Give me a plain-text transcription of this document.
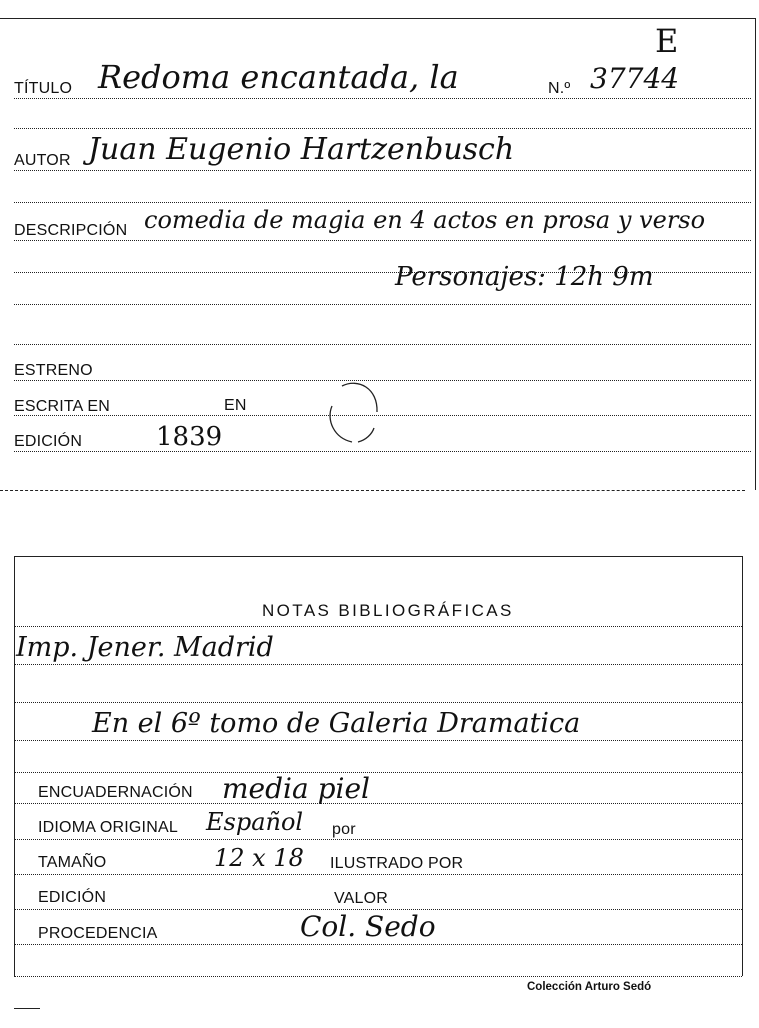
E
TÍTULO Redoma encantada, la	N.º 37744
AUTOR Juan Eugenio Hartzenbusch
DESCRIPCIÓN comedia de magia en 4 actos en prosa y verso
Personajes: 12h 9m
ESTRENO
ESCRITA EN	EN
EDICIÓN	1839
NOTAS BIBLIOGRÁFICAS
Imp. Jener. Madrid
En el 6º tomo de Galeria Dramatica
ENCUADERNACIÓN media piel
IDIOMA ORIGINAL Español por
TAMAÑO	12 x 18 ILUSTRADO POR
EDICIÓN	VALOR
PROCEDENCIA	Col. Sedo
Colección Arturo Sedó
